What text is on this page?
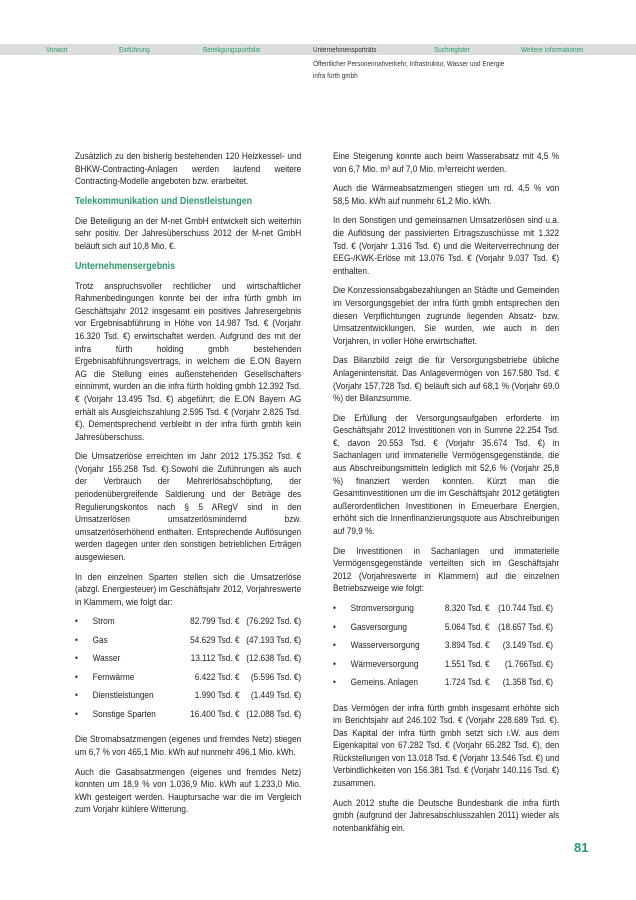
Vorwort	Einführung	Beteiligungsportfolio	Unternehmensporträts	Suchregister	Weitere Informationen
Öffentlicher Personennahverkehr, Infrastruktur, Wasser und Energie
infra fürth gmbh

Zusätzlich zu den bisherig bestehenden 120 Heizkessel- und BHKW-Contracting-Anlagen werden laufend weitere Contracting-Modelle angeboten bzw. erarbeitet.

Telekommunikation und Dienstleistungen

Die Beteiligung an der M-net GmbH entwickelt sich weiterhin sehr positiv. Der Jahresüberschuss 2012 der M-net GmbH beläuft sich auf 10,8 Mio. €.

Unternehmensergebnis

Trotz anspruchsvoller rechtlicher und wirtschaftlicher Rahmenbedingungen konnte bei der infra fürth gmbh im Geschäftsjahr 2012 insgesamt ein positives Jahresergebnis vor Ergebnisabführung in Höhe von 14.987 Tsd. € (Vorjahr 16.320 Tsd. €) erwirtschaftet werden. Aufgrund des mit der infra fürth holding gmbh bestehenden Ergebnisabführungsvertrags, in welchem die E.ON Bayern AG die Stellung eines außenstehenden Gesellschafters einnimmt, wurden an die infra fürth holding gmbh 12.392 Tsd. € (Vorjahr 13.495 Tsd. €) abgeführt; die E.ON Bayern AG erhält als Ausgleichszahlung 2.595 Tsd. € (Vorjahr 2.825 Tsd. €). Dementsprechend verbleibt in der infra fürth gmbh kein Jahresüberschuss.

Die Umsatzerlöse erreichten im Jahr 2012 175.352 Tsd. € (Vorjahr 155.258 Tsd. €).Sowohl die Zuführungen als auch der Verbrauch der Mehrerlösabschöpfung, der periodenübergreifende Saldierung und der Beträge des Regulierungskontos nach § 5 ARegV sind in den Umsatzerlösen umsatzerlösmindernd bzw. umsatzerlöserhöhend enthalten. Entsprechende Auflösungen werden dagegen unter den sonstigen betrieblichen Erträgen ausgewiesen.

In den einzelnen Sparten stellen sich die Umsatzerlöse (abzgl. Energiesteuer) im Geschäftsjahr 2012, Vorjahreswerte in Klammern, wie folgt dar:

•	Strom	82.799 Tsd. € (76.292 Tsd. €)
•	Gas	54.629 Tsd. € (47.193 Tsd. €)
•	Wasser	13.112 Tsd. € (12.638 Tsd. €)
•	Fernwärme	6.422 Tsd. €	(5.596 Tsd. €)
•	Dienstleistungen	1.990 Tsd. €	(1.449 Tsd. €)
•	Sonstige Sparten	16.400 Tsd. € (12.088 Tsd. €)

Die Stromabsatzmengen (eigenes und fremdes Netz) stiegen um 6,7 % von 465,1 Mio. kWh auf nunmehr 496,1 Mio. kWh.

Auch die Gasabsatzmengen (eigenes und fremdes Netz) konnten um 18,9 % von 1.036,9 Mio. kWh auf 1.233,0 Mio. kWh gesteigert werden. Hauptursache war die im Vergleich zum Vorjahr kühlere Witterung.

Eine Steigerung konnte auch beim Wasserabsatz mit 4,5 % von 6,7 Mio. m³ auf 7,0 Mio. m³erreicht werden.

Auch die Wärmeabsatzmengen stiegen um rd. 4,5 % von 58,5 Mio. kWh auf nunmehr 61,2 Mio. kWh.

In den Sonstigen und gemeinsamen Umsatzerlösen sind u.a. die Auflösung der passivierten Ertragszuschüsse mit 1.322 Tsd. € (Vorjahr 1.316 Tsd. €) und die Weiterverrechnung der EEG-/KWK-Erlöse mit 13.076 Tsd. € (Vorjahr 9.037 Tsd. €) enthalten.

Die Konzessionsabgabezahlungen an Städte und Gemeinden im Versorgungsgebiet der infra fürth gmbh entsprechen den diesen Verpflichtungen zugrunde liegenden Absatz- bzw. Umsatzentwicklungen. Sie wurden, wie auch in den Vorjahren, in voller Höhe erwirtschaftet.

Das Bilanzbild zeigt die für Versorgungsbetriebe übliche Anlagenintensität. Das Anlagevermögen von 167.580 Tsd. € (Vorjahr 157.728 Tsd. €) beläuft sich auf 68,1 % (Vorjahr 69,0 %) der Bilanzsumme.

Die Erfüllung der Versorgungsaufgaben erforderte im Geschäftsjahr 2012 Investitionen von in Summe 22.254 Tsd. €, davon 20.553 Tsd. € (Vorjahr 35.674 Tsd. €) in Sachanlagen und immaterielle Vermögensgegenstände, die aus Abschreibungsmitteln lediglich mit 52,6 % (Vorjahr 25,8 %) finanziert werden konnten. Kürzt man die Gesamtinvestitionen um die im Geschäftsjahr 2012 getätigten außerordentlichen Investitionen in Erneuerbare Energien, erhöht sich die Innenfinanzierungsquote aus Abschreibungen auf 79,9 %.

Die Investitionen in Sachanlagen und immaterielle Vermögensgegenstände verteilten sich im Geschäftsjahr 2012 (Vorjahreswerte in Klammern) auf die einzelnen Betriebszweige wie folgt:

•	Stromversorgung	8.320 Tsd. € (10.744 Tsd. €)
•	Gasversorgung	5.064 Tsd. € (18.657 Tsd. €)
•	Wasserversorgung	3.894 Tsd. €	(3.149 Tsd. €)
•	Wärmeversorgung	1.551 Tsd. €	(1.766Tsd. €)
•	Gemeins. Anlagen	1.724 Tsd. €	(1.358 Tsd. €)

Das Vermögen der infra fürth gmbh insgesamt erhöhte sich im Berichtsjahr auf 246.102 Tsd. € (Vorjahr 228.689 Tsd. €). Das Kapital der infra fürth gmbh setzt sich i.W. aus dem Eigenkapital von 67.282 Tsd. € (Vorjahr 65.282 Tsd. €), den Rückstellungen von 13.018 Tsd. € (Vorjahr 13.546 Tsd. €) und Verbindlichkeiten von 156.381 Tsd. € (Vorjahr 140.116 Tsd. €) zusammen.

Auch 2012 stufte die Deutsche Bundesbank die infra fürth gmbh (aufgrund der Jahresabschlusszahlen 2011) wieder als notenbankfähig ein.

81
